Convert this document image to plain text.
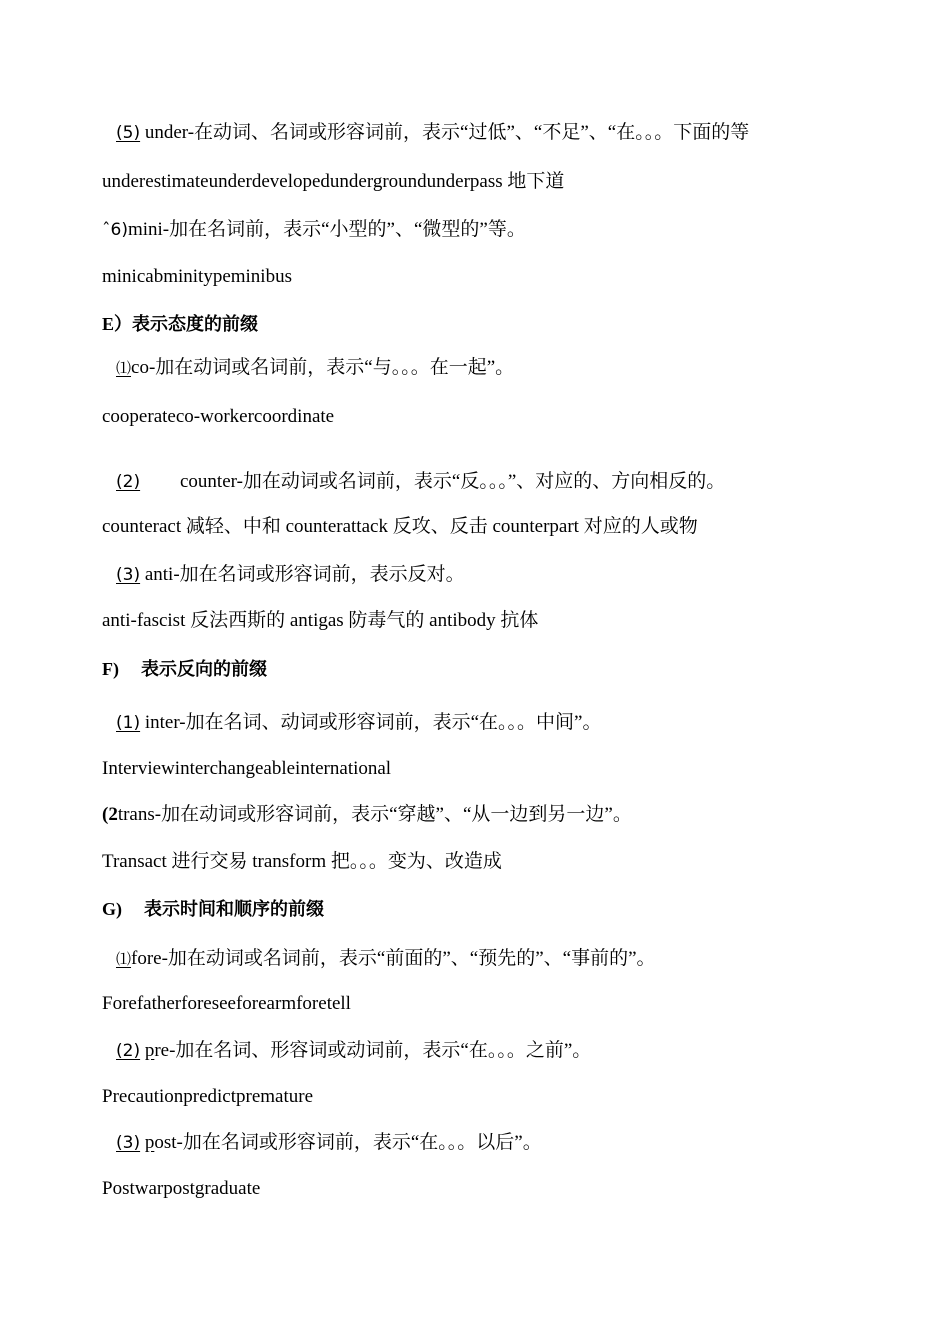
(5) under-在动词、名词或形容词前，表示“过低”、“不足”、“在。。。下面的等

underestimateunderdevelopedundergroundunderpass 地下道

ˆ6)mini-加在名词前，表示“小型的”、“微型的”等。

minicabminitypeminibus

E）表示态度的前缀

⑴co-加在动词或名词前，表示“与。。。在一起”。

cooperateco-workercoordinate

(2) counter-加在动词或名词前，表示“反。。。”、对应的、方向相反的。

counteract 减轻、中和 counterattack 反攻、反击 counterpart 对应的人或物

(3) anti-加在名词或形容词前，表示反对。

anti-fascist 反法西斯的 antigas 防毒气的 antibody 抗体

F) 表示反向的前缀

(1) inter-加在名词、动词或形容词前，表示“在。。。中间”。

Interviewinterchangeableinternational

(2trans-加在动词或形容词前，表示“穿越”、“从一边到另一边”。

Transact 进行交易 transform 把。。。变为、改造成

G) 表示时间和顺序的前缀

⑴fore-加在动词或名词前，表示“前面的”、“预先的”、“事前的”。

Forefatherforeseeforearmforetell

(2) pre-加在名词、形容词或动词前，表示“在。。。之前”。

Precautionpredictpremature

(3) post-加在名词或形容词前，表示“在。。。以后”。

Postwarpostgraduate
